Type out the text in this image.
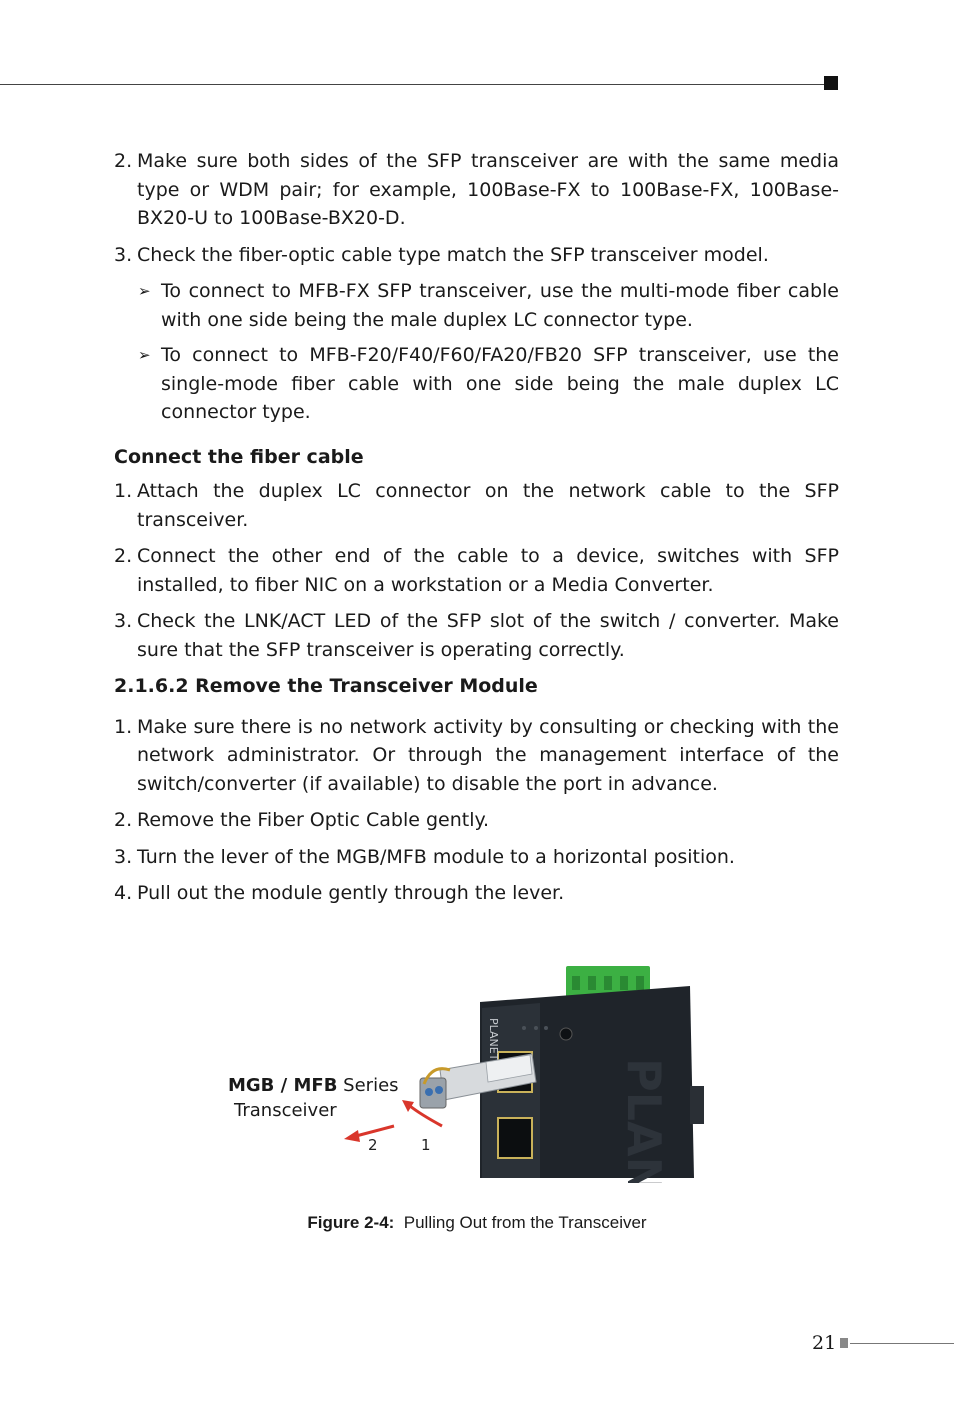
2. Make sure both sides of the SFP transceiver are with the same media type or WDM pair; for example, 100Base-FX to 100Base-FX, 100Base-BX20-U to 100Base-BX20-D.
3. Check the fiber-optic cable type match the SFP transceiver model.
➢ To connect to MFB-FX SFP transceiver, use the multi-mode fiber cable with one side being the male duplex LC connector type.
➢ To connect to MFB-F20/F40/F60/FA20/FB20 SFP transceiver, use the single-mode fiber cable with one side being the male duplex LC connector type.
Connect the fiber cable
1. Attach the duplex LC connector on the network cable to the SFP transceiver.
2. Connect the other end of the cable to a device, switches with SFP installed, to fiber NIC on a workstation or a Media Converter.
3. Check the LNK/ACT LED of the SFP slot of the switch / converter. Make sure that the SFP transceiver is operating correctly.
2.1.6.2 Remove the Transceiver Module
1. Make sure there is no network activity by consulting or checking with the network administrator. Or through the management interface of the switch/converter (if available) to disable the port in advance.
2. Remove the Fiber Optic Cable gently.
3. Turn the lever of the MGB/MFB module to a horizontal position.
4. Pull out the module gently through the lever.
PLANET
PLANET
MGB / MFB Series
Transceiver
2	1
Figure 2-4: Pulling Out from the Transceiver
21
